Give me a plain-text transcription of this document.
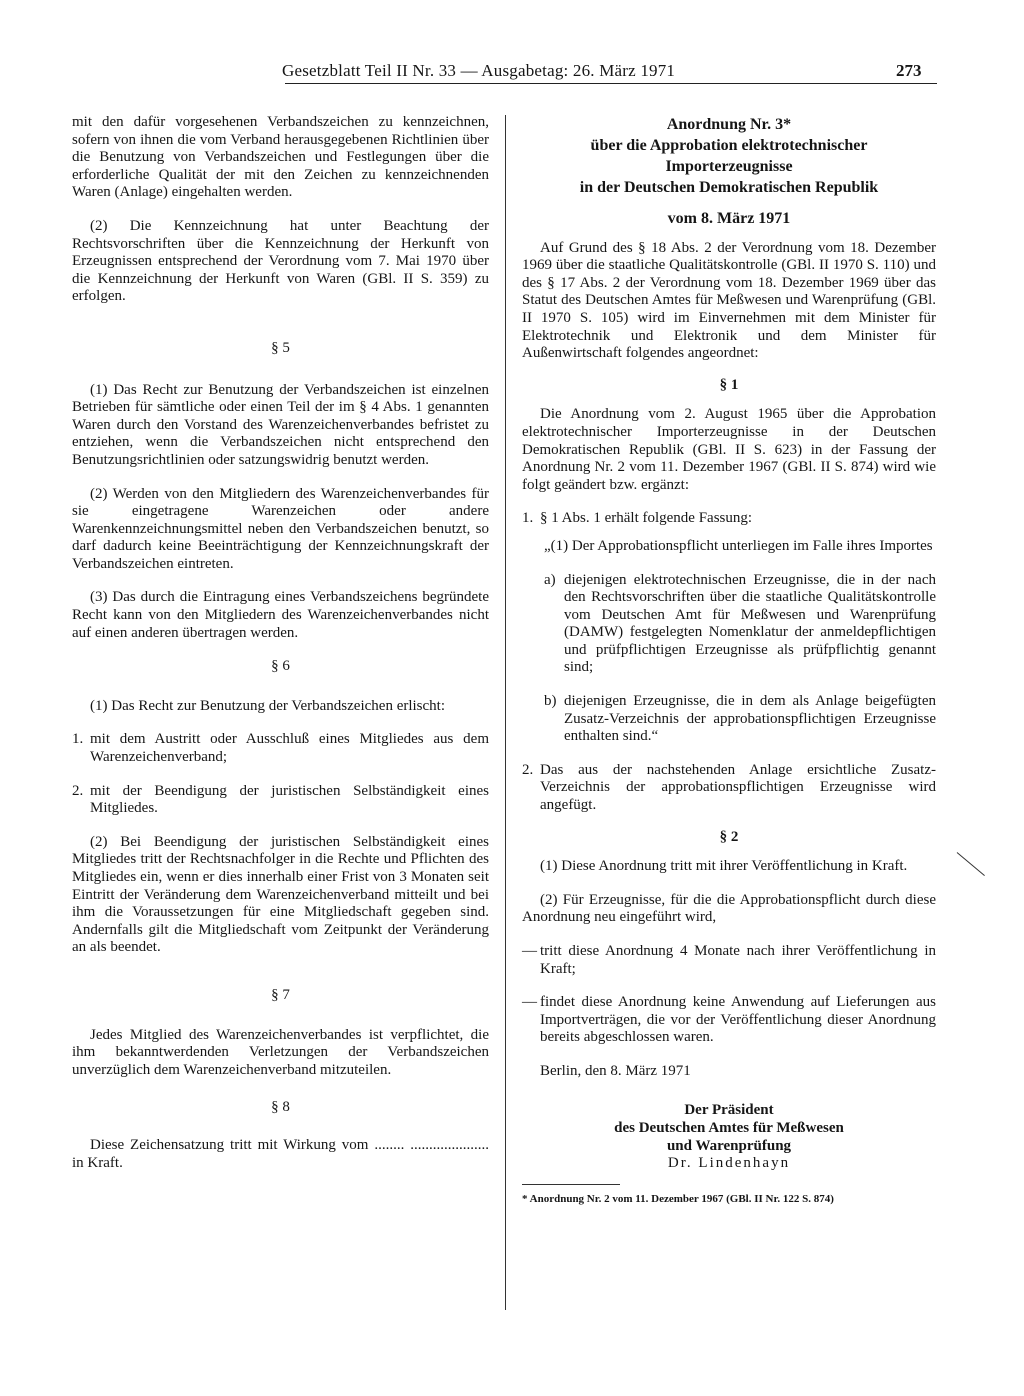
Gesetzblatt Teil II Nr. 33 — Ausgabetag: 26. März 1971	273

mit den dafür vorgesehenen Verbandszeichen zu kennzeichnen, sofern von ihnen die vom Verband herausgegebenen Richtlinien über die Benutzung von Verbandszeichen und Festlegungen über die erforderliche Qualität der mit den Zeichen zu kennzeichnenden Waren (Anlage) eingehalten werden.

(2) Die Kennzeichnung hat unter Beachtung der Rechtsvorschriften über die Kennzeichnung der Herkunft von Erzeugnissen entsprechend der Verordnung vom 7. Mai 1970 über die Kennzeichnung der Herkunft von Waren (GBl. II S. 359) zu erfolgen.

§ 5

(1) Das Recht zur Benutzung der Verbandszeichen ist einzelnen Betrieben für sämtliche oder einen Teil der im § 4 Abs. 1 genannten Waren durch den Vorstand des Warenzeichenverbandes befristet zu entziehen, wenn die Verbandszeichen nicht entsprechend den Benutzungsrichtlinien oder satzungswidrig benutzt werden.

(2) Werden von den Mitgliedern des Warenzeichenverbandes für sie eingetragene Warenzeichen oder andere Warenkennzeichnungsmittel neben den Verbandszeichen benutzt, so darf dadurch keine Beeinträchtigung der Kennzeichnungskraft der Verbandszeichen eintreten.

(3) Das durch die Eintragung eines Verbandszeichens begründete Recht kann von den Mitgliedern des Warenzeichenverbandes nicht auf einen anderen übertragen werden.

§ 6

(1) Das Recht zur Benutzung der Verbandszeichen erlischt:

1. mit dem Austritt oder Ausschluß eines Mitgliedes aus dem Warenzeichenverband;
2. mit der Beendigung der juristischen Selbständigkeit eines Mitgliedes.

(2) Bei Beendigung der juristischen Selbständigkeit eines Mitgliedes tritt der Rechtsnachfolger in die Rechte und Pflichten des Mitgliedes ein, wenn er dies innerhalb einer Frist von 3 Monaten seit Eintritt der Veränderung dem Warenzeichenverband mitteilt und bei ihm die Voraussetzungen für eine Mitgliedschaft gegeben sind. Andernfalls gilt die Mitgliedschaft vom Zeitpunkt der Veränderung an als beendet.

§ 7

Jedes Mitglied des Warenzeichenverbandes ist verpflichtet, die ihm bekanntwerdenden Verletzungen der Verbandszeichen unverzüglich dem Warenzeichenverband mitzuteilen.

§ 8

Diese Zeichensatzung tritt mit Wirkung vom ........ ..................... in Kraft.

Anordnung Nr. 3*
über die Approbation elektrotechnischer
Importerzeugnisse
in der Deutschen Demokratischen Republik
vom 8. März 1971

Auf Grund des § 18 Abs. 2 der Verordnung vom 18. Dezember 1969 über die staatliche Qualitätskontrolle (GBl. II 1970 S. 110) und des § 17 Abs. 2 der Verordnung vom 18. Dezember 1969 über das Statut des Deutschen Amtes für Meßwesen und Warenprüfung (GBl. II 1970 S. 105) wird im Einvernehmen mit dem Minister für Elektrotechnik und Elektronik und dem Minister für Außenwirtschaft folgendes angeordnet:

§ 1

Die Anordnung vom 2. August 1965 über die Approbation elektrotechnischer Importerzeugnisse in der Deutschen Demokratischen Republik (GBl. II S. 623) in der Fassung der Anordnung Nr. 2 vom 11. Dezember 1967 (GBl. II S. 874) wird wie folgt geändert bzw. ergänzt:

1. § 1 Abs. 1 erhält folgende Fassung:

„(1) Der Approbationspflicht unterliegen im Falle ihres Importes

a) diejenigen elektrotechnischen Erzeugnisse, die in der nach den Rechtsvorschriften über die staatliche Qualitätskontrolle vom Deutschen Amt für Meßwesen und Warenprüfung (DAMW) festgelegten Nomenklatur der anmeldepflichtigen und prüfpflichtigen Erzeugnisse als prüfpflichtig genannt sind;
b) diejenigen Erzeugnisse, die in dem als Anlage beigefügten Zusatz-Verzeichnis der approbationspflichtigen Erzeugnisse enthalten sind.“
2. Das aus der nachstehenden Anlage ersichtliche Zusatz-Verzeichnis der approbationspflichtigen Erzeugnisse wird angefügt.
§ 2

(1) Diese Anordnung tritt mit ihrer Veröffentlichung in Kraft.

(2) Für Erzeugnisse, für die die Approbationspflicht durch diese Anordnung neu eingeführt wird,

— tritt diese Anordnung 4 Monate nach ihrer Veröffentlichung in Kraft;
— findet diese Anordnung keine Anwendung auf Lieferungen aus Importverträgen, die vor der Veröffentlichung dieser Anordnung bereits abgeschlossen waren.

Berlin, den 8. März 1971

Der Präsident
des Deutschen Amtes für Meßwesen
und Warenprüfung
Dr. Lindenhayn
* Anordnung Nr. 2 vom 11. Dezember 1967 (GBl. II Nr. 122 S. 874)
